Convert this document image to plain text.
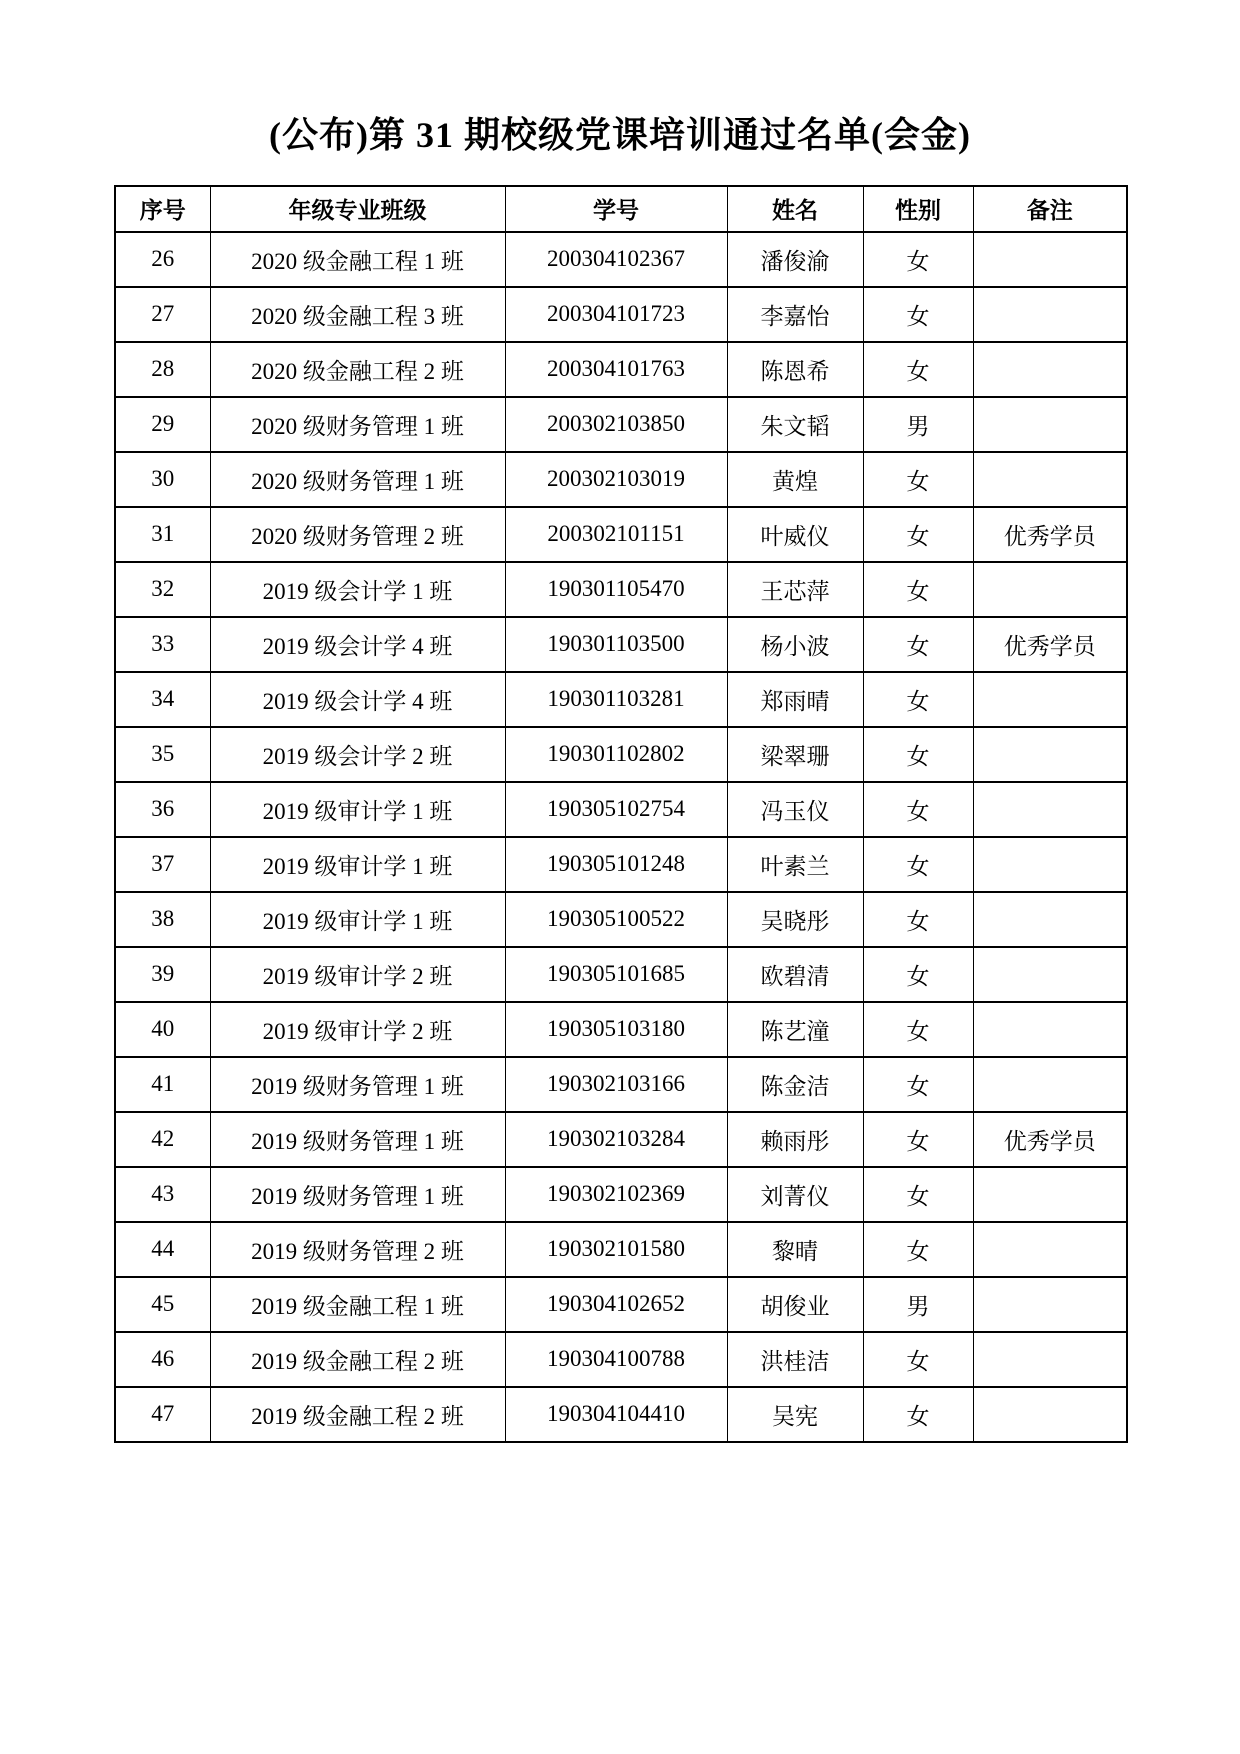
(公布)第 31 期校级党课培训通过名单(会金)
序号	年级专业班级	学号	姓名	性别	备注
26	2020 级金融工程 1 班	200304102367	潘俊渝	女	
27	2020 级金融工程 3 班	200304101723	李嘉怡	女	
28	2020 级金融工程 2 班	200304101763	陈恩希	女	
29	2020 级财务管理 1 班	200302103850	朱文韬	男	
30	2020 级财务管理 1 班	200302103019	黄煌	女	
31	2020 级财务管理 2 班	200302101151	叶威仪	女	优秀学员
32	2019 级会计学 1 班	190301105470	王芯萍	女	
33	2019 级会计学 4 班	190301103500	杨小波	女	优秀学员
34	2019 级会计学 4 班	190301103281	郑雨晴	女	
35	2019 级会计学 2 班	190301102802	梁翠珊	女	
36	2019 级审计学 1 班	190305102754	冯玉仪	女	
37	2019 级审计学 1 班	190305101248	叶素兰	女	
38	2019 级审计学 1 班	190305100522	吴晓彤	女	
39	2019 级审计学 2 班	190305101685	欧碧清	女	
40	2019 级审计学 2 班	190305103180	陈艺潼	女	
41	2019 级财务管理 1 班	190302103166	陈金洁	女	
42	2019 级财务管理 1 班	190302103284	赖雨彤	女	优秀学员
43	2019 级财务管理 1 班	190302102369	刘菁仪	女	
44	2019 级财务管理 2 班	190302101580	黎晴	女	
45	2019 级金融工程 1 班	190304102652	胡俊业	男	
46	2019 级金融工程 2 班	190304100788	洪桂洁	女	
47	2019 级金融工程 2 班	190304104410	吴宪	女	
